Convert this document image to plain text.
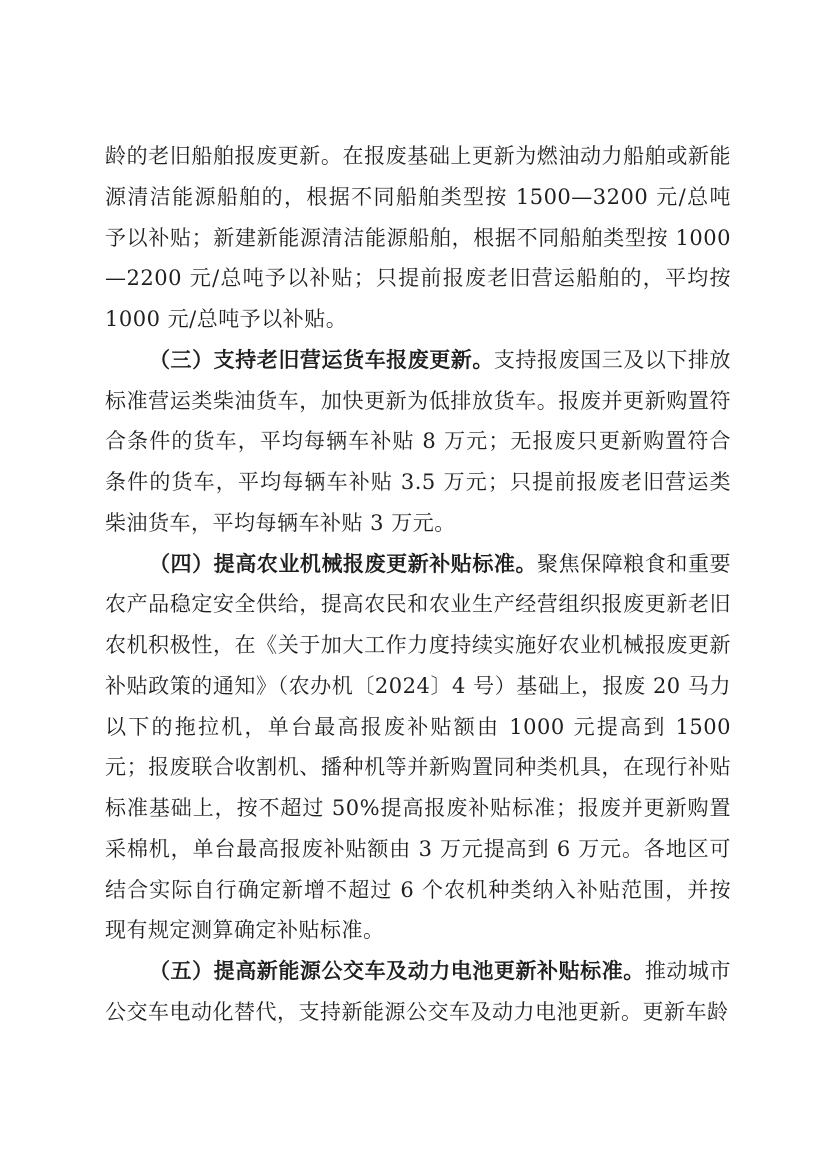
龄的老旧船舶报废更新。在报废基础上更新为燃油动力船舶或新能源清洁能源船舶的，根据不同船舶类型按 1500—3200 元/总吨予以补贴；新建新能源清洁能源船舶，根据不同船舶类型按 1000—2200 元/总吨予以补贴；只提前报废老旧营运船舶的，平均按 1000 元/总吨予以补贴。

（三）支持老旧营运货车报废更新。支持报废国三及以下排放标准营运类柴油货车，加快更新为低排放货车。报废并更新购置符合条件的货车，平均每辆车补贴 8 万元；无报废只更新购置符合条件的货车，平均每辆车补贴 3.5 万元；只提前报废老旧营运类柴油货车，平均每辆车补贴 3 万元。

（四）提高农业机械报废更新补贴标准。聚焦保障粮食和重要农产品稳定安全供给，提高农民和农业生产经营组织报废更新老旧农机积极性，在《关于加大工作力度持续实施好农业机械报废更新补贴政策的通知》（农办机〔2024〕4 号）基础上，报废 20 马力以下的拖拉机，单台最高报废补贴额由 1000 元提高到 1500 元；报废联合收割机、播种机等并新购置同种类机具，在现行补贴标准基础上，按不超过 50%提高报废补贴标准；报废并更新购置采棉机，单台最高报废补贴额由 3 万元提高到 6 万元。各地区可结合实际自行确定新增不超过 6 个农机种类纳入补贴范围，并按现有规定测算确定补贴标准。

（五）提高新能源公交车及动力电池更新补贴标准。推动城市公交车电动化替代，支持新能源公交车及动力电池更新。更新车龄
